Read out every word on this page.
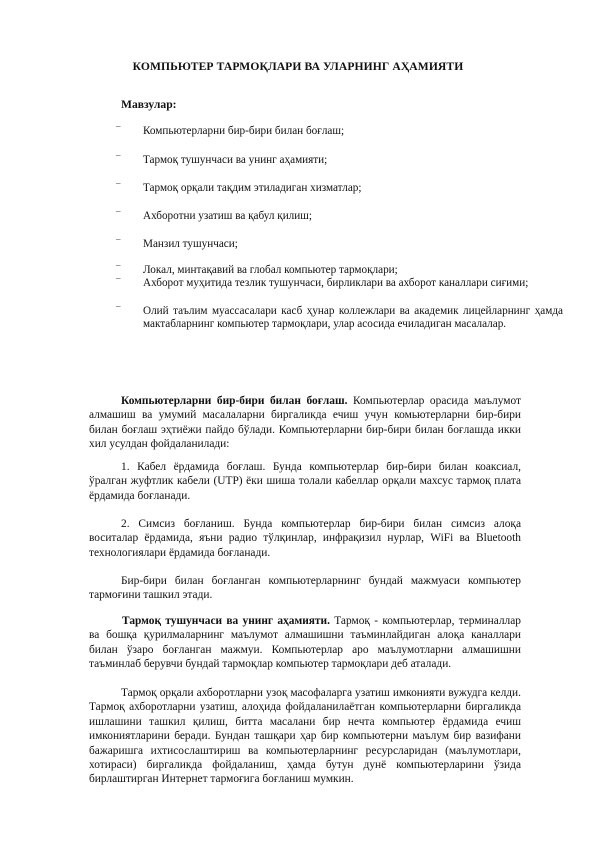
КОМПЬЮТЕР ТАРМОҚЛАРИ ВА УЛАРНИНГ АҲАМИЯТИ
Мавзулар:
– Компьютерларни бир-бири билан боғлаш;
– Тармоқ тушунчаси ва унинг аҳамияти;
– Тармоқ орқали тақдим этиладиган хизматлар;
– Ахборотни узатиш ва қабул қилиш;
– Манзил тушунчаси;
– Локал, минтақавий ва глобал компьютер тармоқлари;
– Ахборот муҳитида тезлик тушунчаси, бирликлари ва ахборот каналлари сиғими;
– Олий таълим муассасалари касб ҳунар коллежлари ва академик лицейларнинг ҳамда мактабларнинг компьютер тармоқлари, улар асосида ечиладиган масалалар.
Компьютерларни бир-бири билан боғлаш. Компьютерлар орасида маълумот алмашиш ва умумий масалаларни биргаликда ечиш учун комьютерларни бир-бири билан боғлаш эҳтиёжи пайдо бўлади. Компьютерларни бир-бири билан боғлашда икки хил усулдан фойдаланилади:
1. Кабел ёрдамида боғлаш. Бунда компьютерлар бир-бири билан коаксиал, ўралган жуфтлик кабели (UTP) ёки шиша толали кабеллар орқали махсус тармоқ плата ёрдамида боғланади.
2. Симсиз боғланиш. Бунда компьютерлар бир-бири билан симсиз алоқа воситалар ёрдамида, яъни радио тўлқинлар, инфрақизил нурлар, WiFi ва Bluetooth технологиялари ёрдамида боғланади.
Бир-бири билан боғланган компьютерларнинг бундай мажмуаси компьютер тармоғини ташкил этади.
Тармоқ тушунчаси ва унинг аҳамияти. Тармоқ - компьютерлар, терминаллар ва бошқа қурилмаларнинг маълумот алмашишни таъминлайдиган алоқа каналлари билан ўзаро боғланган мажмуи. Компьютерлар аро маълумотларни алмашишни таъминлаб берувчи бундай тармоқлар компьютер тармоқлари деб аталади.
Тармоқ орқали ахборотларни узоқ масофаларга узатиш имконияти вужудга келди. Тармоқ ахборотларни узатиш, алоҳида фойдаланилаётган компьютерларни биргаликда ишлашини ташкил қилиш, битта масалани бир нечта компьютер ёрдамида ечиш имкониятларини беради. Бундан ташқари ҳар бир компьютерни маълум бир вазифани бажаришга ихтисослаштириш ва компьютерларнинг ресурсларидан (маълумотлари, хотираси) биргаликда фойдаланиш, ҳамда бутун дунё компьютерларини ўзида бирлаштирган Интернет тармоғига боғланиш мумкин.
